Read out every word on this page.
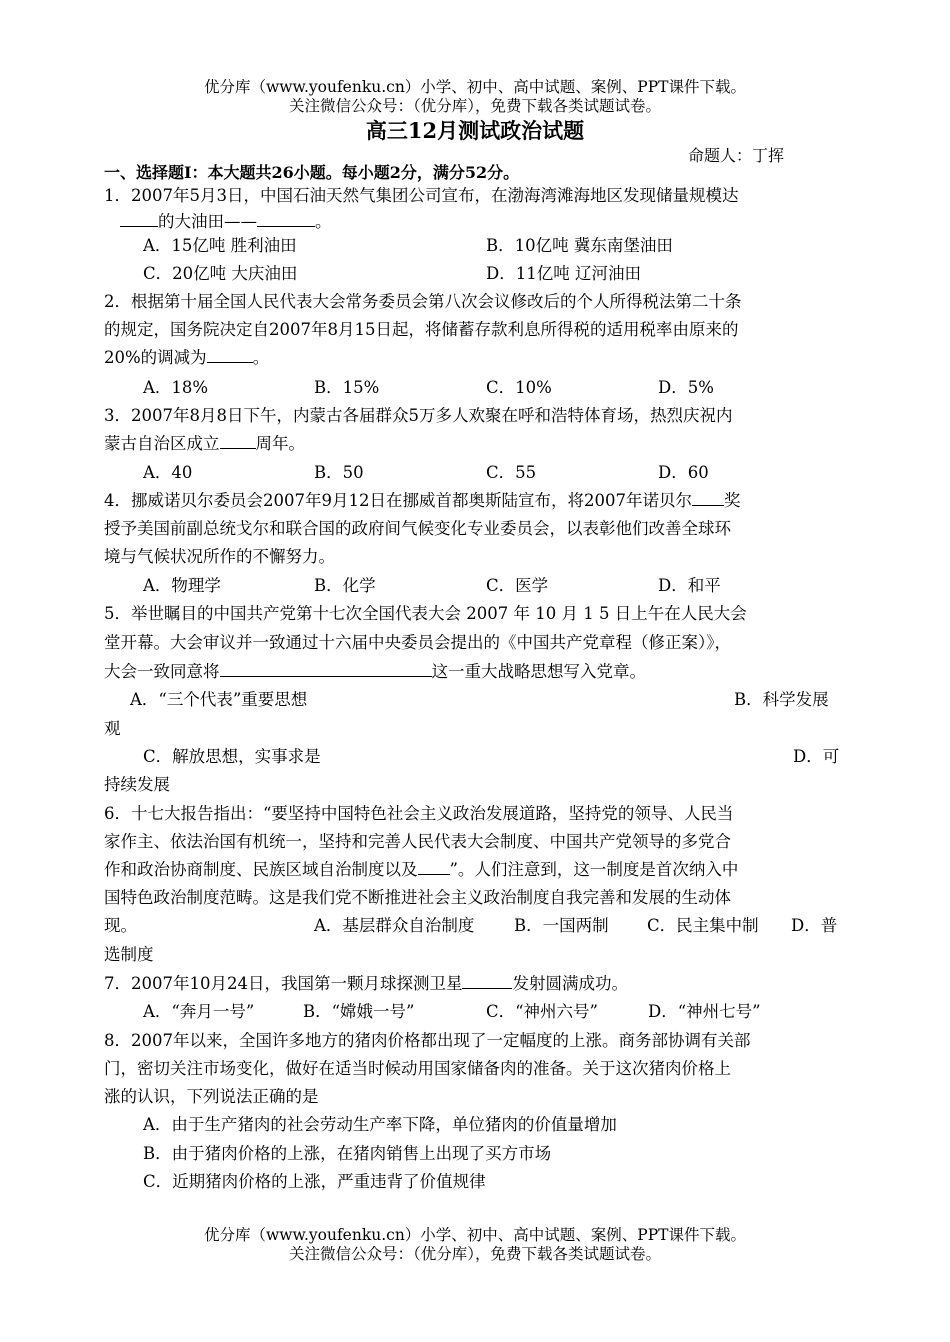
优分库（www.youfenku.cn）小学、初中、高中试题、案例、PPT课件下载。
关注微信公众号：（优分库），免费下载各类试题试卷。
高三12月测试政治试题
命题人：丁挥
一、选择题Ⅰ：本大题共26小题。每小题2分，满分52分。
1．2007年5月3日，中国石油天然气集团公司宣布，在渤海湾滩海地区发现储量规模达
的大油田——	。
A．15亿吨 胜利油田	B．10亿吨 冀东南堡油田
C．20亿吨 大庆油田	D．11亿吨 辽河油田
2．根据第十届全国人民代表大会常务委员会第八次会议修改后的个人所得税法第二十条
的规定，国务院决定自2007年8月15日起，将储蓄存款利息所得税的适用税率由原来的
20%的调减为	。
A．18%	B．15%	C．10%	D．5%
3．2007年8月8日下午，内蒙古各届群众5万多人欢聚在呼和浩特体育场，热烈庆祝内
蒙古自治区成立 周年。
A．40	B．50	C．55	D．60
4．挪威诺贝尔委员会2007年9月12日在挪威首都奥斯陆宣布，将2007年诺贝尔 奖
授予美国前副总统戈尔和联合国的政府间气候变化专业委员会，以表彰他们改善全球环
境与气候状况所作的不懈努力。
A．物理学	B．化学	C．医学	D．和平
5．举世瞩目的中国共产党第十七次全国代表大会 2007 年 10 月 1 5 日上午在人民大会
堂开幕。大会审议并一致通过十六届中央委员会提出的《中国共产党章程（修正案）》，
大会一致同意将	这一重大战略思想写入党章。
A．“三个代表”重要思想	B．科学发展
观
C．解放思想，实事求是	D．可
持续发展
6．十七大报告指出：“要坚持中国特色社会主义政治发展道路，坚持党的领导、人民当
家作主、依法治国有机统一，坚持和完善人民代表大会制度、中国共产党领导的多党合
作和政治协商制度、民族区域自治制度以及 ”。人们注意到，这一制度是首次纳入中
国特色政治制度范畴。这是我们党不断推进社会主义政治制度自我完善和发展的生动体
现。	A．基层群众自治制度 B．一国两制 C．民主集中制 D．普
选制度
7．2007年10月24日，我国第一颗月球探测卫星	发射圆满成功。
A．“奔月一号”	B．“嫦娥一号”	C．“神州六号”	D．“神州七号”
8．2007年以来，全国许多地方的猪肉价格都出现了一定幅度的上涨。商务部协调有关部
门，密切关注市场变化，做好在适当时候动用国家储备肉的准备。关于这次猪肉价格上
涨的认识，下列说法正确的是
A．由于生产猪肉的社会劳动生产率下降，单位猪肉的价值量增加
B．由于猪肉价格的上涨，在猪肉销售上出现了买方市场
C．近期猪肉价格的上涨，严重违背了价值规律
优分库（www.youfenku.cn）小学、初中、高中试题、案例、PPT课件下载。
关注微信公众号：（优分库），免费下载各类试题试卷。
